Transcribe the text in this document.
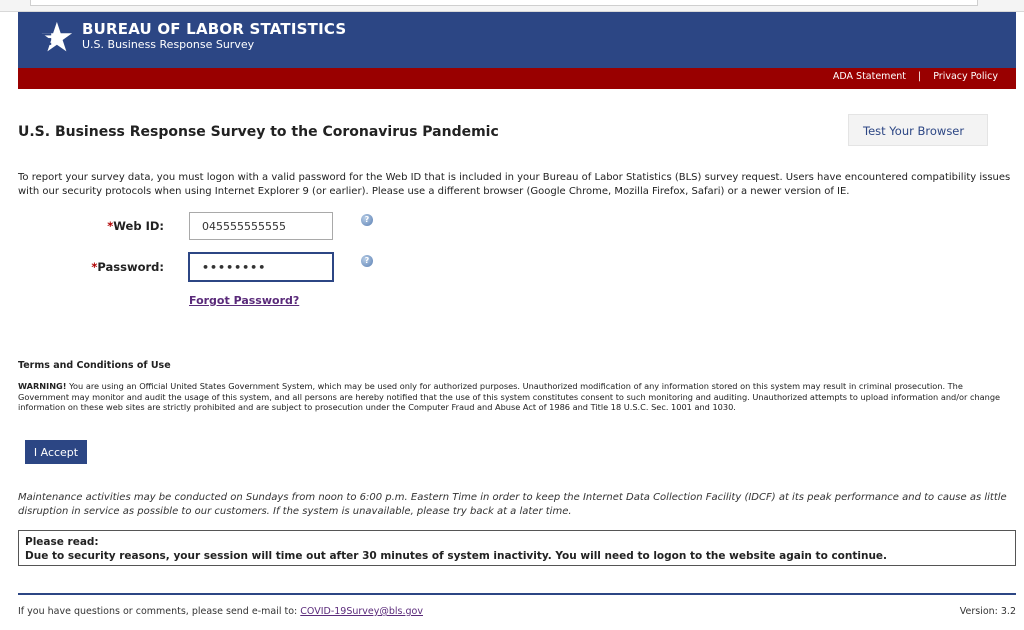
BUREAU OF LABOR STATISTICS
U.S. Business Response Survey
ADA Statement | Privacy Policy
U.S. Business Response Survey to the Coronavirus Pandemic	Test Your Browser
To report your survey data, you must logon with a valid password for the Web ID that is included in your Bureau of Labor Statistics (BLS) survey request. Users have encountered compatibility issues with our security protocols when using Internet Explorer 9 (or earlier). Please use a different browser (Google Chrome, Mozilla Firefox, Safari) or a newer version of IE.
*Web ID:
045555555555	?
*Password:
••••••••	?
Forgot Password?
Terms and Conditions of Use
WARNING! You are using an Official United States Government System, which may be used only for authorized purposes. Unauthorized modification of any information stored on this system may result in criminal prosecution. The Government may monitor and audit the usage of this system, and all persons are hereby notified that the use of this system constitutes consent to such monitoring and auditing. Unauthorized attempts to upload information and/or change information on these web sites are strictly prohibited and are subject to prosecution under the Computer Fraud and Abuse Act of 1986 and Title 18 U.S.C. Sec. 1001 and 1030.
I Accept
Maintenance activities may be conducted on Sundays from noon to 6:00 p.m. Eastern Time in order to keep the Internet Data Collection Facility (IDCF) at its peak performance and to cause as little disruption in service as possible to our customers. If the system is unavailable, please try back at a later time.
Please read:
Due to security reasons, your session will time out after 30 minutes of system inactivity. You will need to logon to the website again to continue.
If you have questions or comments, please send e-mail to: COVID-19Survey@bls.gov	Version: 3.2
